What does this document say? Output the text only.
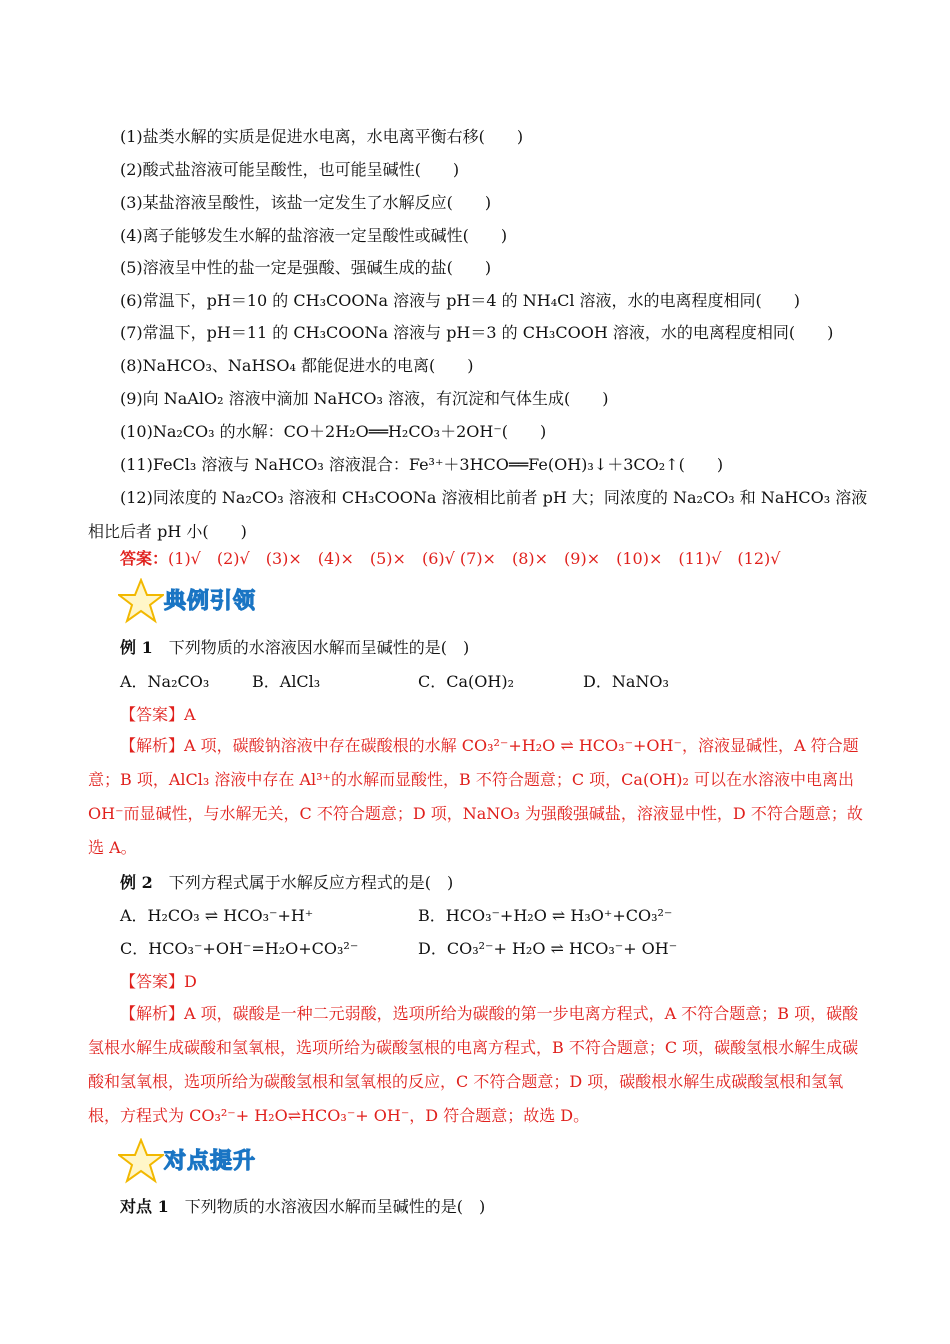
(1)盐类水解的实质是促进水电离，水电离平衡右移(　　)
(2)酸式盐溶液可能呈酸性，也可能呈碱性(　　)
(3)某盐溶液呈酸性，该盐一定发生了水解反应(　　)
(4)离子能够发生水解的盐溶液一定呈酸性或碱性(　　)
(5)溶液呈中性的盐一定是强酸、强碱生成的盐(　　)
(6)常温下，pH＝10 的 CH₃COONa 溶液与 pH＝4 的 NH₄Cl 溶液，水的电离程度相同(　　)
(7)常温下，pH＝11 的 CH₃COONa 溶液与 pH＝3 的 CH₃COOH 溶液，水的电离程度相同(　　)
(8)NaHCO₃、NaHSO₄ 都能促进水的电离(　　)
(9)向 NaAlO₂ 溶液中滴加 NaHCO₃ 溶液，有沉淀和气体生成(　　)
(10)Na₂CO₃ 的水解：CO＋2H₂O══H₂CO₃＋2OH⁻(　　)
(11)FeCl₃ 溶液与 NaHCO₃ 溶液混合：Fe³⁺＋3HCO══Fe(OH)₃↓＋3CO₂↑(　　)
(12)同浓度的 Na₂CO₃ 溶液和 CH₃COONa 溶液相比前者 pH 大；同浓度的 Na₂CO₃ 和 NaHCO₃ 溶液相比后者 pH 小(　　)
答案：(1)√　(2)√　(3)×　(4)×　(5)×　(6)√ (7)×　(8)×　(9)×　(10)×　(11)√　(12)√
典例引领
例 1　 下列物质的水溶液因水解而呈碱性的是(　)
A．Na₂CO₃	B．AlCl₃	C．Ca(OH)₂	D．NaNO₃
【答案】A
【解析】A 项，碳酸钠溶液中存在碳酸根的水解 CO₃²⁻+H₂O ⇌ HCO₃⁻+OH⁻，溶液显碱性，A 符合题意；B 项，AlCl₃ 溶液中存在 Al³⁺的水解而显酸性，B 不符合题意；C 项，Ca(OH)₂ 可以在水溶液中电离出 OH⁻而显碱性，与水解无关，C 不符合题意；D 项，NaNO₃ 为强酸强碱盐，溶液显中性，D 不符合题意；故选 A。
例 2　 下列方程式属于水解反应方程式的是(　)
A．H₂CO₃ ⇌ HCO₃⁻+H⁺	B．HCO₃⁻+H₂O ⇌ H₃O⁺+CO₃²⁻
C．HCO₃⁻+OH⁻=H₂O+CO₃²⁻	D．CO₃²⁻+ H₂O ⇌ HCO₃⁻+ OH⁻
【答案】D
【解析】A 项，碳酸是一种二元弱酸，选项所给为碳酸的第一步电离方程式，A 不符合题意；B 项，碳酸氢根水解生成碳酸和氢氧根，选项所给为碳酸氢根的电离方程式，B 不符合题意；C 项，碳酸氢根水解生成碳酸和氢氧根，选项所给为碳酸氢根和氢氧根的反应，C 不符合题意；D 项，碳酸根水解生成碳酸氢根和氢氧根，方程式为 CO₃²⁻+ H₂O⇌HCO₃⁻+ OH⁻，D 符合题意；故选 D。
对点提升
对点 1　 下列物质的水溶液因水解而呈碱性的是(　)
